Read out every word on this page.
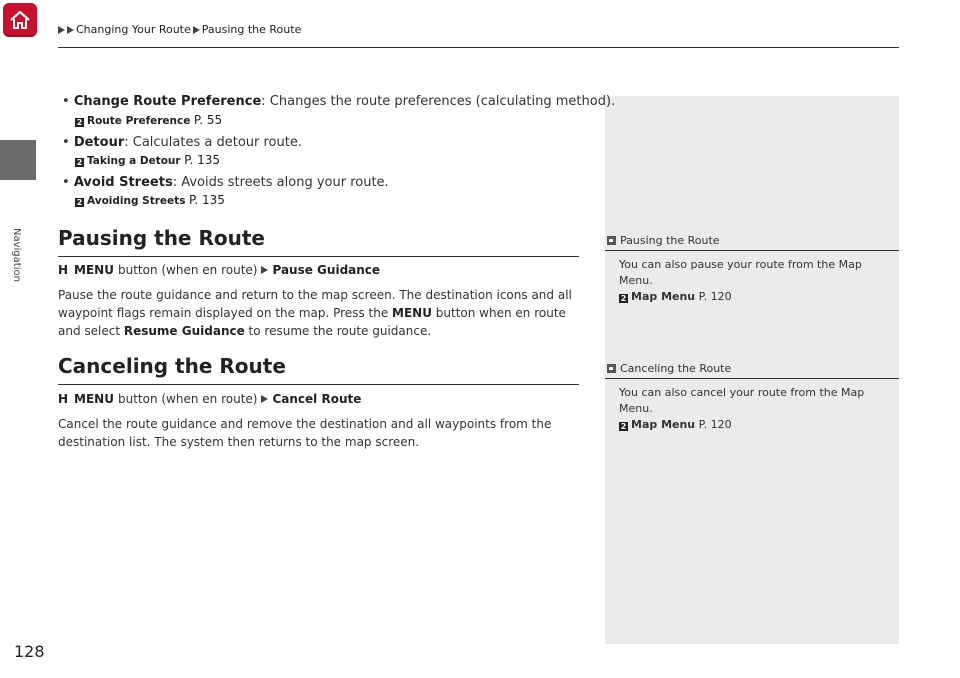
Navigation
Changing Your Route Pausing the Route
• Change Route Preference: Changes the route preferences (calculating method).
2 Route Preference P. 55
• Detour: Calculates a detour route.
2 Taking a Detour P. 135
• Avoid Streets: Avoids streets along your route.
2 Avoiding Streets P. 135
Pausing the Route
H MENU button (when en route) Pause Guidance
Pause the route guidance and return to the map screen. The destination icons and all waypoint flags remain displayed on the map. Press the MENU button when en route and select Resume Guidance to resume the route guidance.
Canceling the Route
H MENU button (when en route) Cancel Route
Cancel the route guidance and remove the destination and all waypoints from the destination list. The system then returns to the map screen.
Pausing the Route
You can also pause your route from the Map Menu.
2 Map Menu P. 120
Canceling the Route
You can also cancel your route from the Map Menu.
2 Map Menu P. 120
128
